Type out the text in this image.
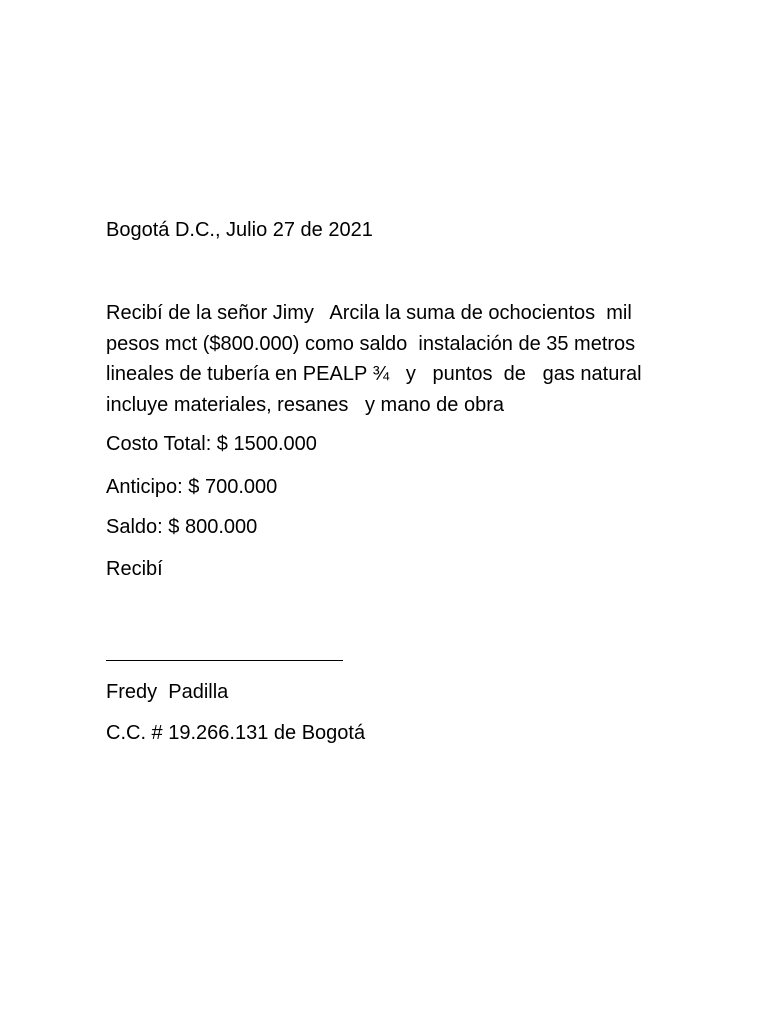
Bogotá D.C., Julio 27 de 2021
Recibí de la señor Jimy   Arcila la suma de ochocientos  mil
pesos mct ($800.000) como saldo  instalación de 35 metros
lineales de tubería en PEALP ¾   y   puntos  de   gas natural
incluye materiales, resanes   y mano de obra
Costo Total: $ 1500.000
Anticipo: $ 700.000
Saldo: $ 800.000
Recibí
Fredy  Padilla
C.C. # 19.266.131 de Bogotá
